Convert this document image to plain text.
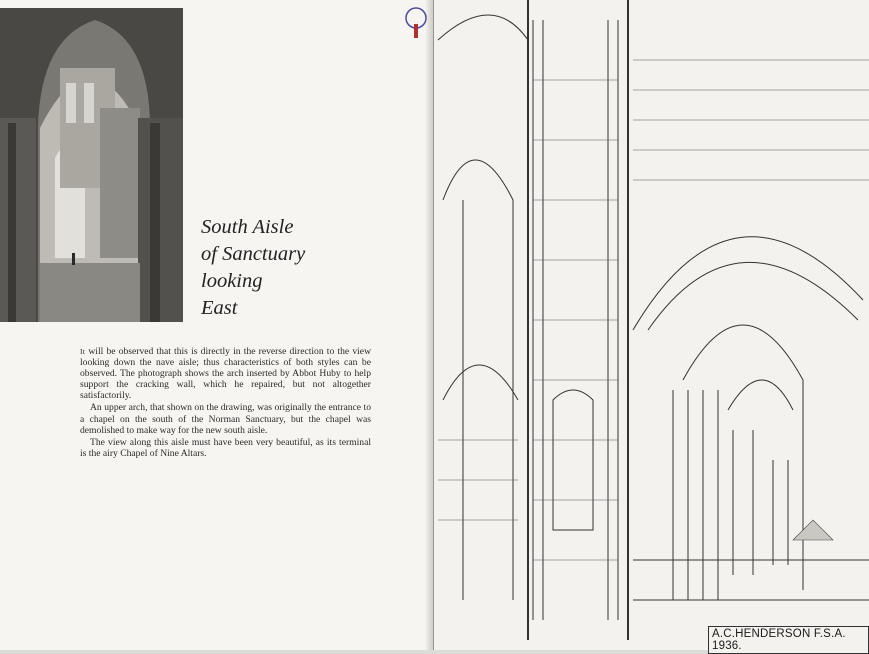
South Aisle
of Sanctuary
looking
East

It will be observed that this is directly in the reverse direction to the view looking down the nave aisle; thus characteristics of both styles can be observed. The photograph shows the arch inserted by Abbot Huby to help support the cracking wall, which he repaired, but not altogether satisfactorily.

An upper arch, that shown on the drawing, was originally the entrance to a chapel on the south of the Norman Sanctuary, but the chapel was demolished to make way for the new south aisle.

The view along this aisle must have been very beautiful, as its terminal is the airy Chapel of Nine Altars.

A.C.HENDERSON F.S.A. 1936.
